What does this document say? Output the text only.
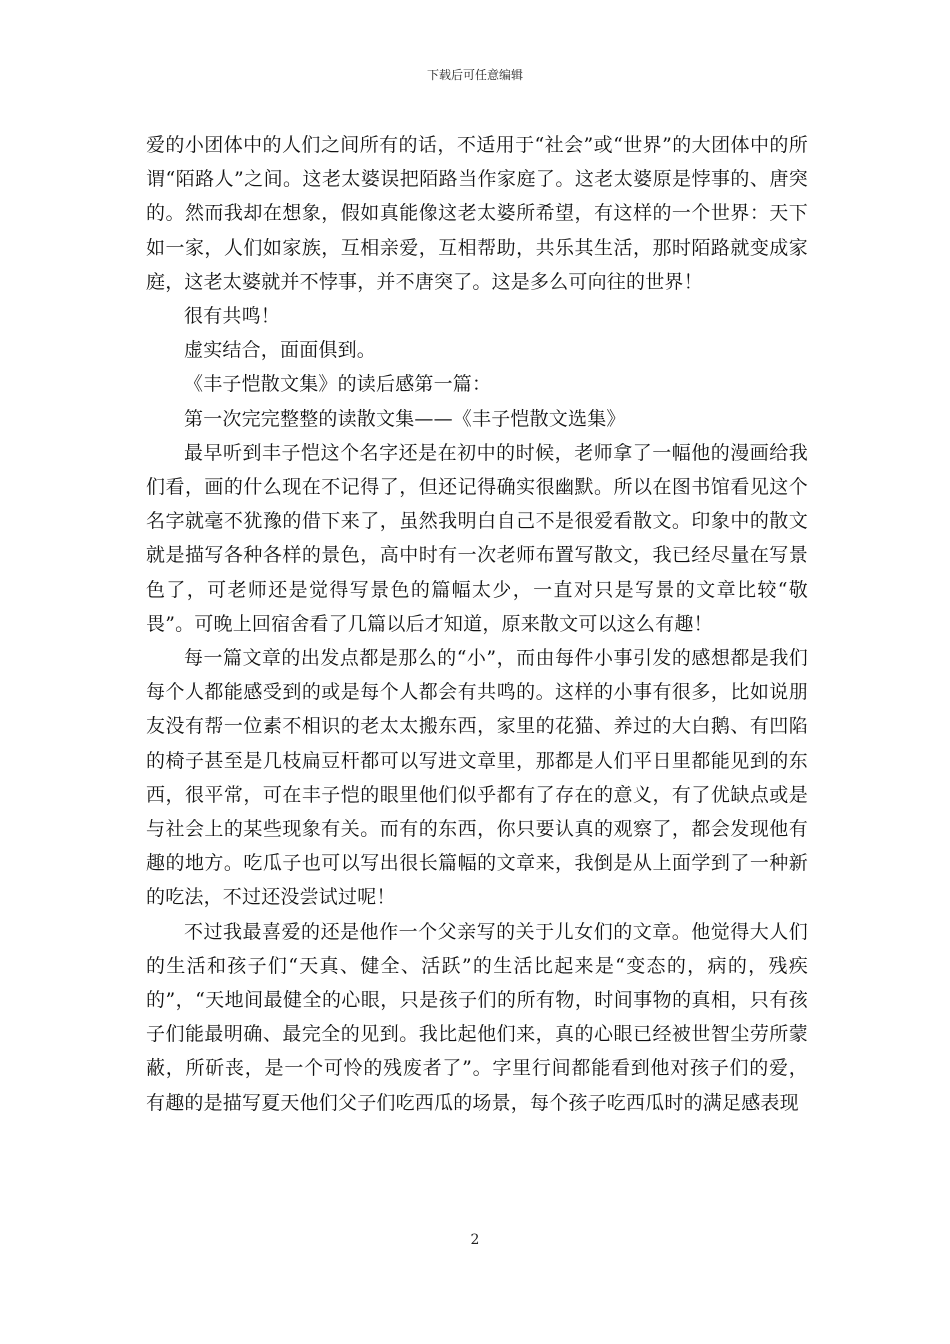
下载后可任意编辑

爱的小团体中的人们之间所有的话，不适用于“社会”或“世界”的大团体中的所谓“陌路人”之间。这老太婆误把陌路当作家庭了。这老太婆原是悖事的、唐突的。然而我却在想象，假如真能像这老太婆所希望，有这样的一个世界：天下如一家，人们如家族，互相亲爱，互相帮助，共乐其生活，那时陌路就变成家庭，这老太婆就并不悖事，并不唐突了。这是多么可向往的世界！

很有共鸣！

虚实结合，面面俱到。

《丰子恺散文集》的读后感第一篇：

第一次完完整整的读散文集——《丰子恺散文选集》

最早听到丰子恺这个名字还是在初中的时候，老师拿了一幅他的漫画给我们看，画的什么现在不记得了，但还记得确实很幽默。所以在图书馆看见这个名字就毫不犹豫的借下来了，虽然我明白自己不是很爱看散文。印象中的散文就是描写各种各样的景色，高中时有一次老师布置写散文，我已经尽量在写景色了，可老师还是觉得写景色的篇幅太少，一直对只是写景的文章比较“敬畏”。可晚上回宿舍看了几篇以后才知道，原来散文可以这么有趣！

每一篇文章的出发点都是那么的“小”，而由每件小事引发的感想都是我们每个人都能感受到的或是每个人都会有共鸣的。这样的小事有很多，比如说朋友没有帮一位素不相识的老太太搬东西，家里的花猫、养过的大白鹅、有凹陷的椅子甚至是几枝扁豆杆都可以写进文章里，那都是人们平日里都能见到的东西，很平常，可在丰子恺的眼里他们似乎都有了存在的意义，有了优缺点或是与社会上的某些现象有关。而有的东西，你只要认真的观察了，都会发现他有趣的地方。吃瓜子也可以写出很长篇幅的文章来，我倒是从上面学到了一种新的吃法，不过还没尝试过呢！

不过我最喜爱的还是他作一个父亲写的关于儿女们的文章。他觉得大人们的生活和孩子们“天真、健全、活跃”的生活比起来是“变态的，病的，残疾的”，“天地间最健全的心眼，只是孩子们的所有物，时间事物的真相，只有孩子们能最明确、最完全的见到。我比起他们来，真的心眼已经被世智尘劳所蒙蔽，所斫丧，是一个可怜的残废者了”。字里行间都能看到他对孩子们的爱，有趣的是描写夏天他们父子们吃西瓜的场景，每个孩子吃西瓜时的满足感表现

2
